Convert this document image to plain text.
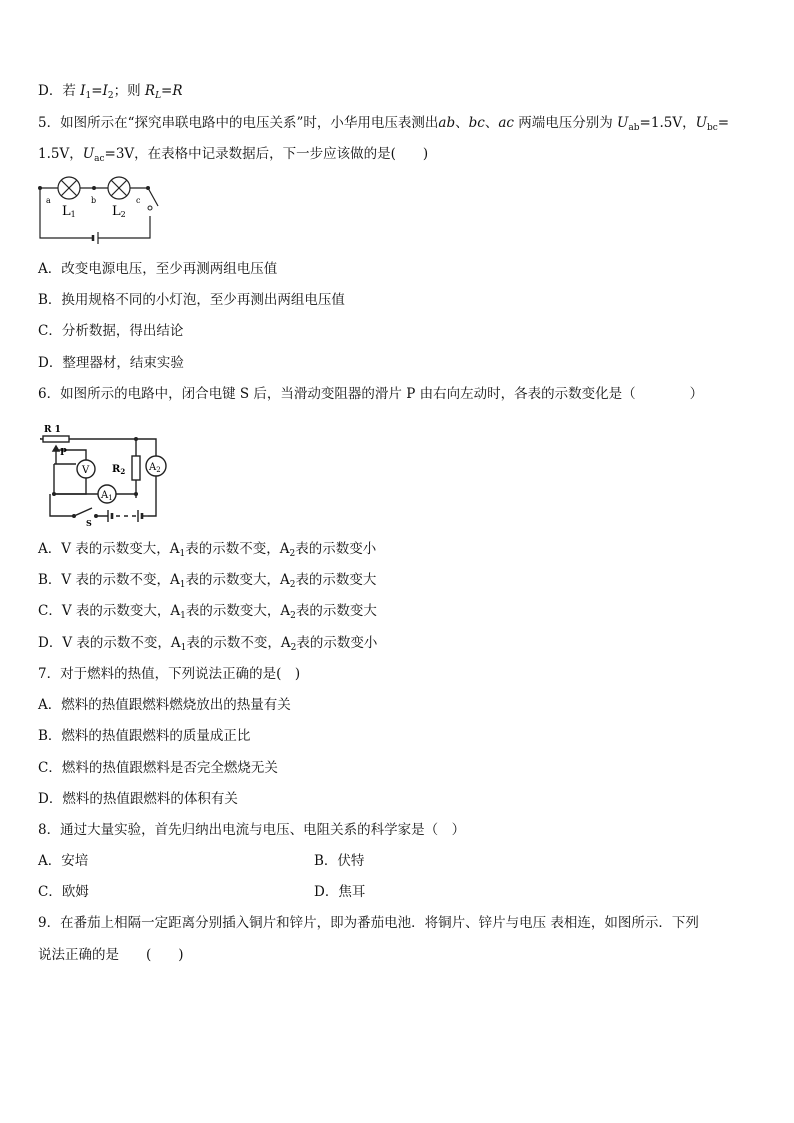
D．若 $I_1=I_2$；则 $R_L=R$
5．如图所示在“探究串联电路中的电压关系”时，小华用电压表测出ab、bc、ac 两端电压分别为 $U_{ab}=1.5V$，$U_{bc}=$
1.5V，$U_{ac}=3V$，在表格中记录数据后，下一步应该做的是(　　)
a	b	c
L1	L2
A．改变电源电压，至少再测两组电压值
B．换用规格不同的小灯泡，至少再测出两组电压值
C．分析数据，得出结论
D．整理器材，结束实验
6．如图所示的电路中，闭合电键 S 后，当滑动变阻器的滑片 P 由右向左动时，各表的示数变化是（　　　　）
R 1
P
V $R_2$
$A_1$
$A_2$
S
A．V 表的示数变大，$A_1$表的示数不变，$A_2$表的示数变小
B．V 表的示数不变，$A_1$表的示数变大，$A_2$表的示数变大
C．V 表的示数变大，$A_1$表的示数变大，$A_2$表的示数变大
D．V 表的示数不变，$A_1$表的示数不变，$A_2$表的示数变小
7．对于燃料的热值，下列说法正确的是(　)
A．燃料的热值跟燃料燃烧放出的热量有关
B．燃料的热值跟燃料的质量成正比
C．燃料的热值跟燃料是否完全燃烧无关
D．燃料的热值跟燃料的体积有关
8．通过大量实验，首先归纳出电流与电压、电阻关系的科学家是（　）
A．安培	B．伏特
C．欧姆	D．焦耳
9．在番茄上相隔一定距离分别插入铜片和锌片，即为番茄电池．将铜片、锌片与电压 表相连，如图所示．下列
说法正确的是　　(　　)
